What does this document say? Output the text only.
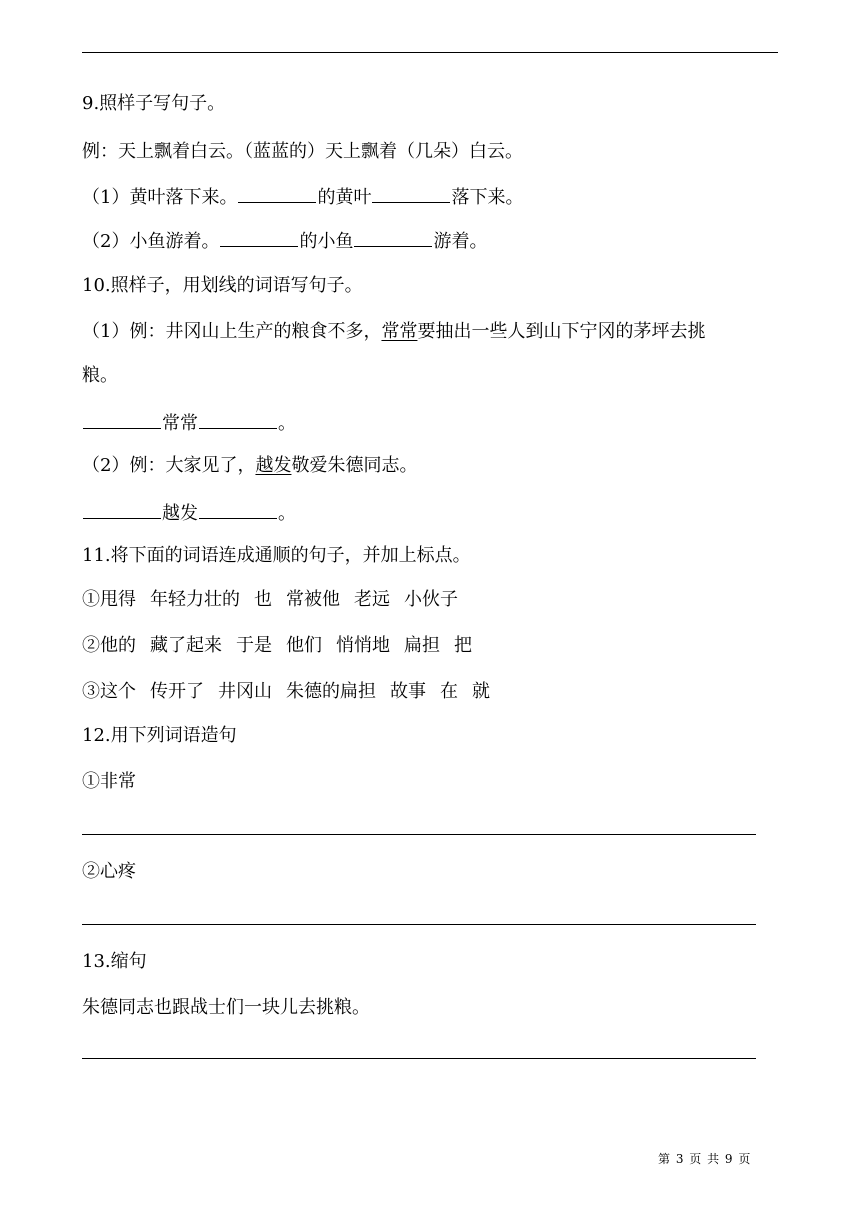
9.照样子写句子。
例：天上飘着白云。（蓝蓝的）天上飘着（几朵）白云。
（1）黄叶落下来。	的黄叶	落下来。
（2）小鱼游着。	的小鱼	游着。
10.照样子，用划线的词语写句子。
（1）例：井冈山上生产的粮食不多，常常要抽出一些人到山下宁冈的茅坪去挑
粮。
常常	。
（2）例：大家见了，越发敬爱朱德同志。
越发	。
11.将下面的词语连成通顺的句子，并加上标点。
①甩得 年轻力壮的 也 常被他 老远 小伙子
②他的 藏了起来 于是 他们 悄悄地 扁担 把
③这个 传开了 井冈山 朱德的扁担 故事 在 就
12.用下列词语造句
①非常
②心疼
13.缩句
朱德同志也跟战士们一块儿去挑粮。
第 3 页 共 9 页
